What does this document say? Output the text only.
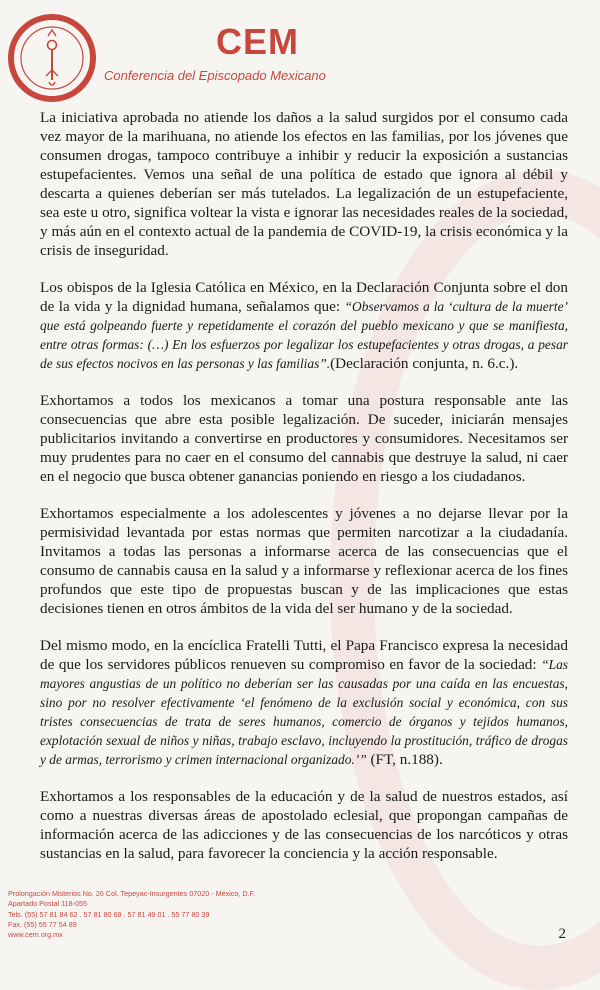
CEM
Conferencia del Episcopado Mexicano

La iniciativa aprobada no atiende los daños a la salud surgidos por el consumo cada vez mayor de la marihuana, no atiende los efectos en las familias, por los jóvenes que consumen drogas, tampoco contribuye a inhibir y reducir la exposición a sustancias estupefacientes. Vemos una señal de una política de estado que ignora al débil y descarta a quienes deberían ser más tutelados. La legalización de un estupefaciente, sea este u otro, significa voltear la vista e ignorar las necesidades reales de la sociedad, y más aún en el contexto actual de la pandemia de COVID-19, la crisis económica y la crisis de inseguridad.

Los obispos de la Iglesia Católica en México, en la Declaración Conjunta sobre el don de la vida y la dignidad humana, señalamos que: “Observamos a la ‘cultura de la muerte’ que está golpeando fuerte y repetidamente el corazón del pueblo mexicano y que se manifiesta, entre otras formas: (…) En los esfuerzos por legalizar los estupefacientes y otras drogas, a pesar de sus efectos nocivos en las personas y las familias”.(Declaración conjunta, n. 6.c.).

Exhortamos a todos los mexicanos a tomar una postura responsable ante las consecuencias que abre esta posible legalización. De suceder, iniciarán mensajes publicitarios invitando a convertirse en productores y consumidores. Necesitamos ser muy prudentes para no caer en el consumo del cannabis que destruye la salud, ni caer en el negocio que busca obtener ganancias poniendo en riesgo a los ciudadanos.

Exhortamos especialmente a los adolescentes y jóvenes a no dejarse llevar por la permisividad levantada por estas normas que permiten narcotizar a la ciudadanía. Invitamos a todas las personas a informarse acerca de las consecuencias que el consumo de cannabis causa en la salud y a informarse y reflexionar acerca de los fines profundos que este tipo de propuestas buscan y de las implicaciones que estas decisiones tienen en otros ámbitos de la vida del ser humano y de la sociedad.

Del mismo modo, en la encíclica Fratelli Tutti, el Papa Francisco expresa la necesidad de que los servidores públicos renueven su compromiso en favor de la sociedad: “Las mayores angustias de un político no deberían ser las causadas por una caída en las encuestas, sino por no resolver efectivamente ‘el fenómeno de la exclusión social y económica, con sus tristes consecuencias de trata de seres humanos, comercio de órganos y tejidos humanos, explotación sexual de niños y niñas, trabajo esclavo, incluyendo la prostitución, tráfico de drogas y de armas, terrorismo y crimen internacional organizado.’” (FT, n.188).

Exhortamos a los responsables de la educación y de la salud de nuestros estados, así como a nuestras diversas áreas de apostolado eclesial, que propongan campañas de información acerca de las adicciones y de las consecuencias de los narcóticos y otras sustancias en la salud, para favorecer la conciencia y la acción responsable.

Prolongación Misterios No. 26 Col. Tepeyac-Insurgentes 07020 - México, D.F.
Apartado Postal 118-055
Tels. (55) 57 81 84 62 . 57 81 80 69 . 57 81 49 01 . 55 77 80 39
Fax. (55) 55 77 54 89
www.cem.org.mx	2
